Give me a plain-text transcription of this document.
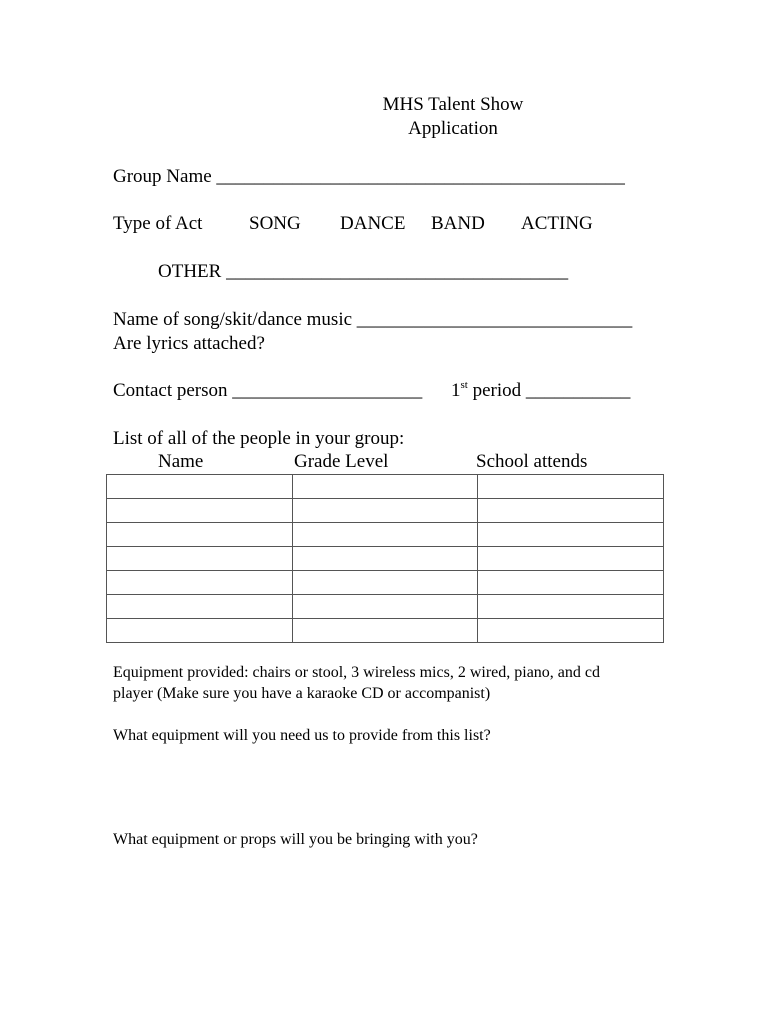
MHS Talent Show
Application
Group Name ___________________________________________
Type of Act SONG DANCE BAND ACTING
OTHER ____________________________________
Name of song/skit/dance music _____________________________
Are lyrics attached?
Contact person ____________________ 1st period ___________
List of all of the people in your group:
Name	Grade Level	School attends

Equipment provided: chairs or stool, 3 wireless mics, 2 wired, piano, and cd
player (Make sure you have a karaoke CD or accompanist)
What equipment will you need us to provide from this list?
What equipment or props will you be bringing with you?
